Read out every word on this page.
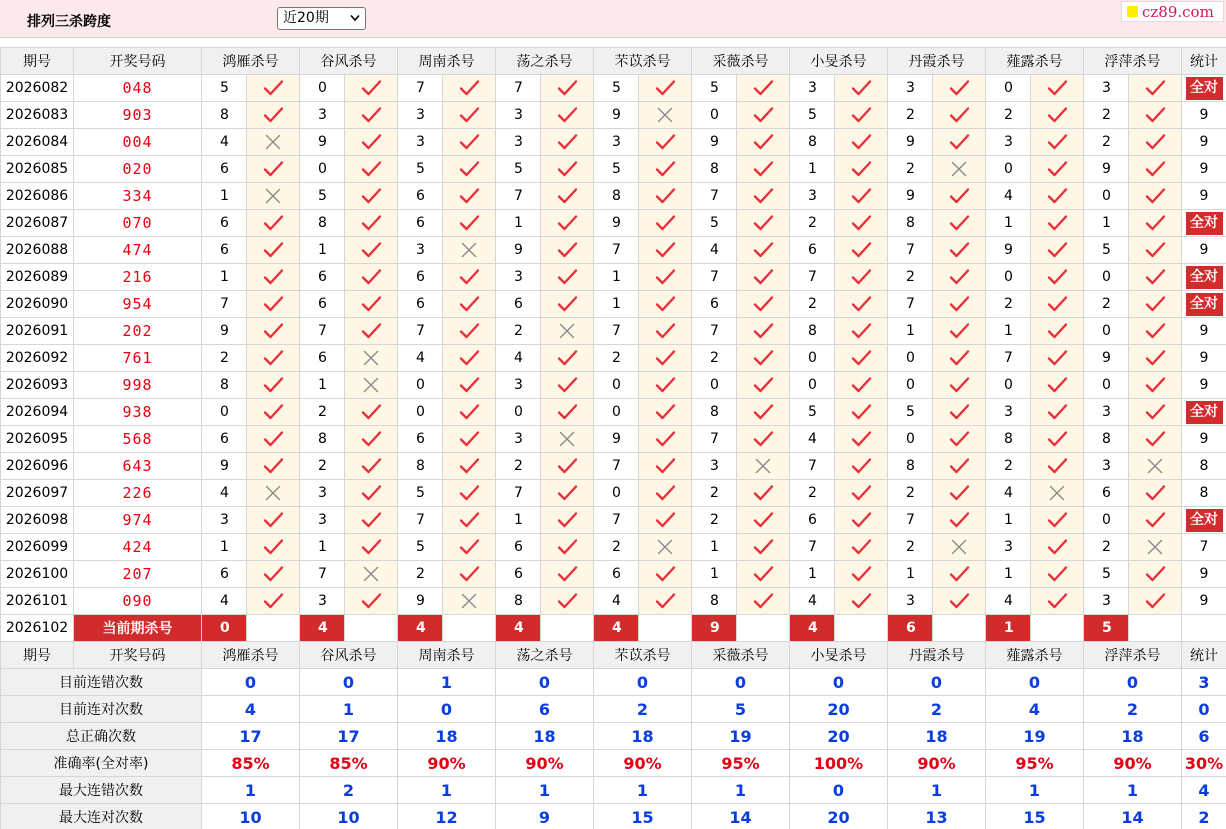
排列三杀跨度	近20期	cz89.com
期号	开奖号码	鸿雁杀号		谷风杀号		周南杀号		荡之杀号		芣苡杀号		采薇杀号		小旻杀号		丹霞杀号		薤露杀号		浮萍杀号		统计
2026082	048	5		0		7		7		5		5		3		3		0		3		全对
2026083	903	8		3		3		3		9		0		5		2		2		2		9
2026084	004	4		9		3		3		3		9		8		9		3		2		9
2026085	020	6		0		5		5		5		8		1		2		0		9		9
2026086	334	1		5		6		7		8		7		3		9		4		0		9
2026087	070	6		8		6		1		9		5		2		8		1		1		全对
2026088	474	6		1		3		9		7		4		6		7		9		5		9
2026089	216	1		6		6		3		1		7		7		2		0		0		全对
2026090	954	7		6		6		6		1		6		2		7		2		2		全对
2026091	202	9		7		7		2		7		7		8		1		1		0		9
2026092	761	2		6		4		4		2		2		0		0		7		9		9
2026093	998	8		1		0		3		0		0		0		0		0		0		9
2026094	938	0		2		0		0		0		8		5		5		3		3		全对
2026095	568	6		8		6		3		9		7		4		0		8		8		9
2026096	643	9		2		8		2		7		3		7		8		2		3		8
2026097	226	4		3		5		7		0		2		2		2		4		6		8
2026098	974	3		3		7		1		7		2		6		7		1		0		全对
2026099	424	1		1		5		6		2		1		7		2		3		2		7
2026100	207	6		7		2		6		6		1		1		1		1		5		9
2026101	090	4		3		9		8		4		8		4		3		4		3		9
2026102	当前期杀号	0		4		4		4		4		9		4		6		1		5		
期号	开奖号码	鸿雁杀号		谷风杀号		周南杀号		荡之杀号		芣苡杀号		采薇杀号		小旻杀号		丹霞杀号		薤露杀号		浮萍杀号		统计
目前连错次数		0		0		1		0		0		0		0		0		0		0		3
目前连对次数		4		1		0		6		2		5		20		2		4		2		0
总正确次数		17		17		18		18		18		19		20		18		19		18		6
准确率(全对率)		85%		85%		90%		90%		90%		95%		100%		90%		95%		90%		30%
最大连错次数		1		2		1		1		1		1		0		1		1		1		4
最大连对次数		10		10		12		9		15		14		20		13		15		14		2
